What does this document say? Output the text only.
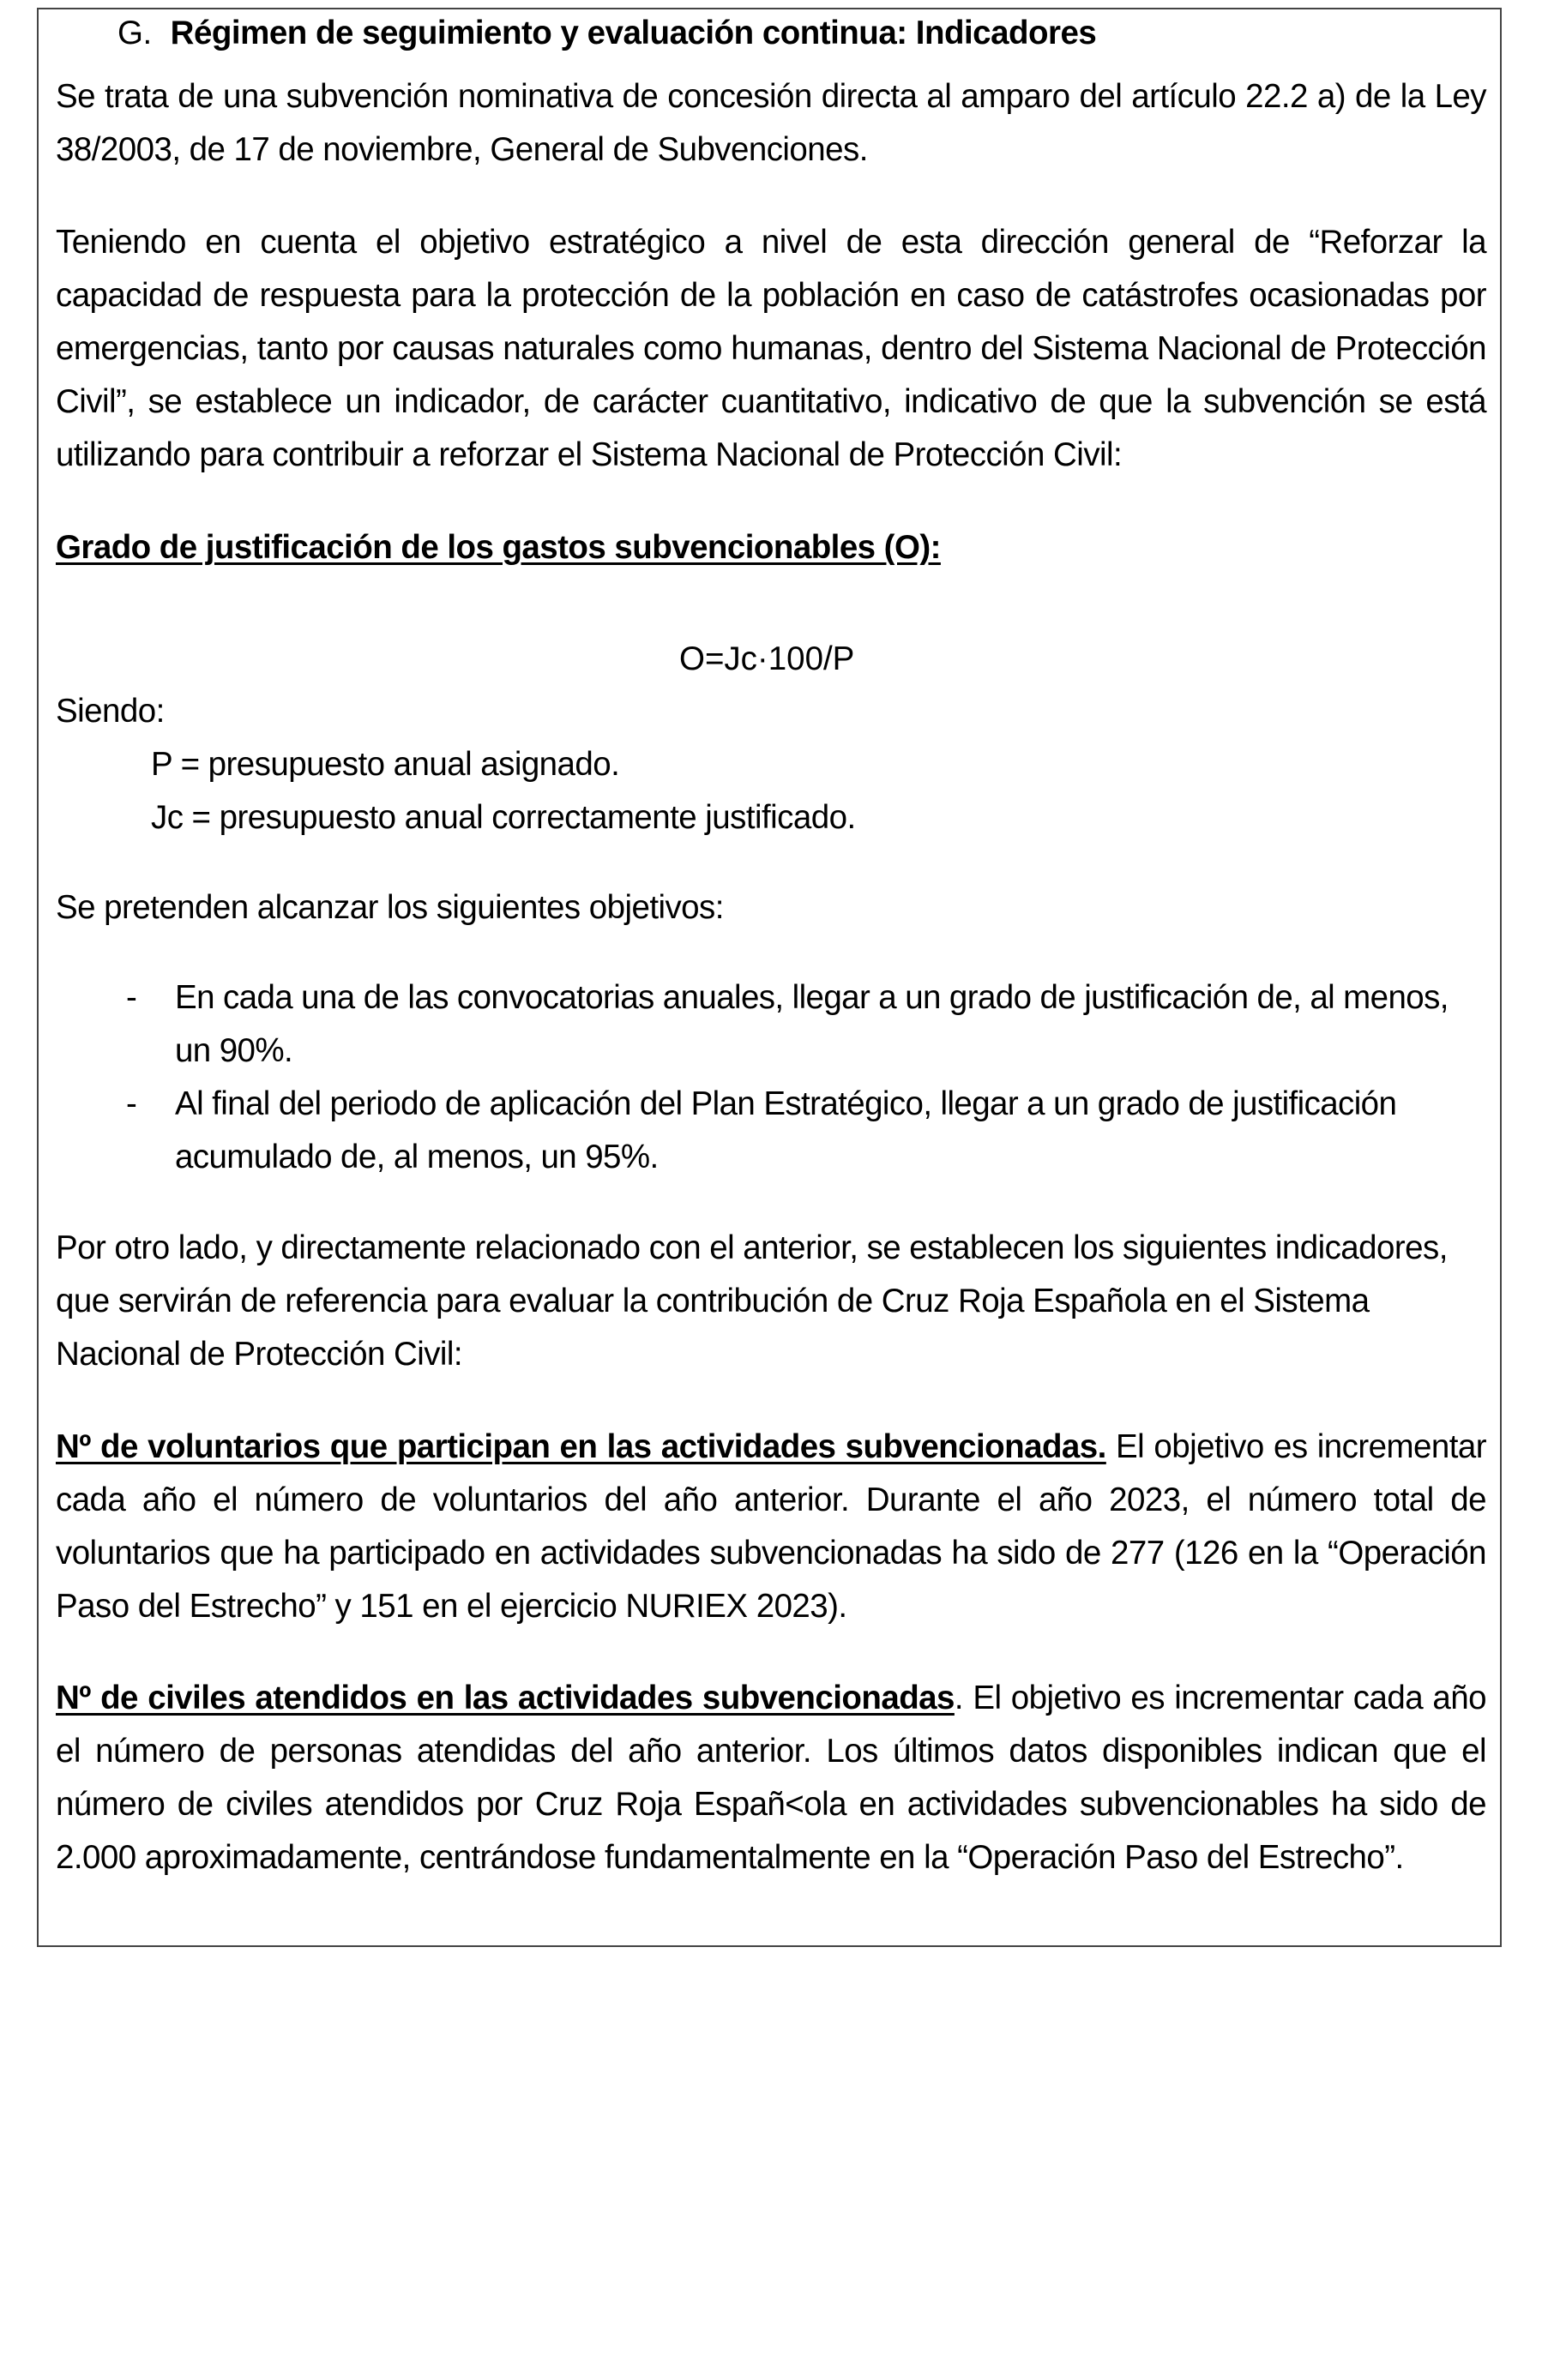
G. Régimen de seguimiento y evaluación continua: Indicadores

Se trata de una subvención nominativa de concesión directa al amparo del artículo 22.2 a) de la Ley 38/2003, de 17 de noviembre, General de Subvenciones.

Teniendo en cuenta el objetivo estratégico a nivel de esta dirección general de “Reforzar la capacidad de respuesta para la protección de la población en caso de catástrofes ocasionadas por emergencias, tanto por causas naturales como humanas, dentro del Sistema Nacional de Protección Civil”, se establece un indicador, de carácter cuantitativo, indicativo de que la subvención se está utilizando para contribuir a reforzar el Sistema Nacional de Protección Civil:

Grado de justificación de los gastos subvencionables (O):

O=Jc·100/P
Siendo:
P = presupuesto anual asignado.
Jc = presupuesto anual correctamente justificado.
Se pretenden alcanzar los siguientes objetivos:
- En cada una de las convocatorias anuales, llegar a un grado de justificación de, al menos, un 90%.

- Al final del periodo de aplicación del Plan Estratégico, llegar a un grado de justificación acumulado de, al menos, un 95%.

Por otro lado, y directamente relacionado con el anterior, se establecen los siguientes indicadores, que servirán de referencia para evaluar la contribución de Cruz Roja Española en el Sistema Nacional de Protección Civil:

Nº de voluntarios que participan en las actividades subvencionadas. El objetivo es incrementar cada año el número de voluntarios del año anterior. Durante el año 2023, el número total de voluntarios que ha participado en actividades subvencionadas ha sido de 277 (126 en la “Operación Paso del Estrecho” y 151 en el ejercicio NURIEX 2023).

Nº de civiles atendidos en las actividades subvencionadas. El objetivo es incrementar cada año el número de personas atendidas del año anterior. Los últimos datos disponibles indican que el número de civiles atendidos por Cruz Roja Españ<ola en actividades subvencionables ha sido de 2.000 aproximadamente, centrándose fundamentalmente en la “Operación Paso del Estrecho”.
